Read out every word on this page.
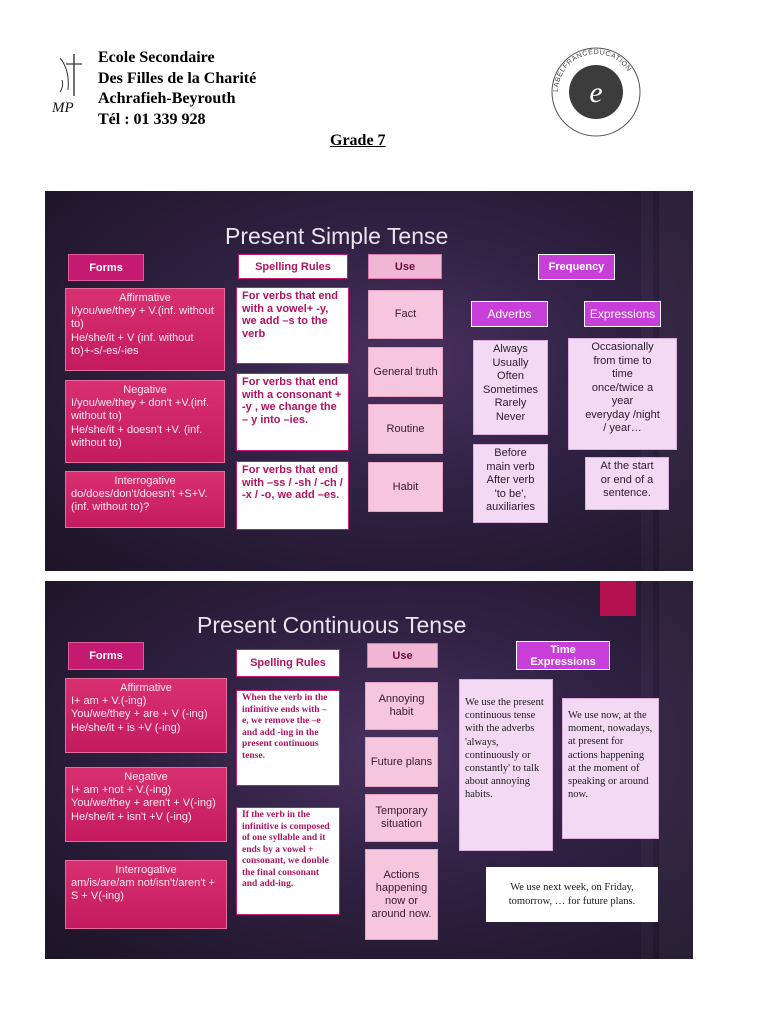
MP
Ecole Secondaire
Des Filles de la Charité
Achrafieh-Beyrouth
Tél : 01 339 928
Grade 7
LABELFRANCÉDUCATION
e
Present Simple Tense
Forms	Spelling Rules	Use	Frequency
Affirmative
I/you/we/they + V.(inf. without to)
He/she/it + V (inf. without to)+-s/-es/-ies
Negative
I/you/we/they + don't +V.(inf. without to)
He/she/it + doesn't +V. (inf. without to)
Interrogative
do/does/don't/doesn't +S+V. (inf. without to)?
For verbs that end with a vowel+ -y, we add –s to the verb
For verbs that end with a consonant + -y , we change the – y into –ies.
For verbs that end with –ss / -sh / -ch / -x / -o, we add –es.
Fact
General truth
Routine
Habit
Adverbs	Expressions
Always
Usually
Often
Sometimes
Rarely
Never
Before
main verb
After verb
'to be',
auxiliaries
Occasionally
from time to
time
once/twice a
year
everyday /night
/ year…
At the start
or end of a
sentence.
Present Continuous Tense
Forms
Spelling Rules
Use	Time Expressions
Affirmative
I+ am + V.(-ing)
You/we/they + are + V (-ing)
He/she/it + is +V (-ing)
Negative
I+ am +not + V.(-ing)
You/we/they + aren't + V(-ing)
He/she/it + isn't +V (-ing)
Interrogative
am/is/are/am not/isn't/aren't + S + V(-ing)
When the verb in the infinitive ends with – e, we remove the –e and add -ing in the present continuous tense.
If the verb in the infinitive is composed of one syllable and it ends by a vowel + consonant, we double the final consonant and add-ing.
Annoying habit
Future plans
Temporary situation
Actions happening now or around now.
We use the present continuous tense with the adverbs 'always, continuously or constantly' to talk about annoying habits.
We use now, at the moment, nowadays, at present for actions happening at the moment of speaking or around now.
We use next week, on Friday, tomorrow, … for future plans.
